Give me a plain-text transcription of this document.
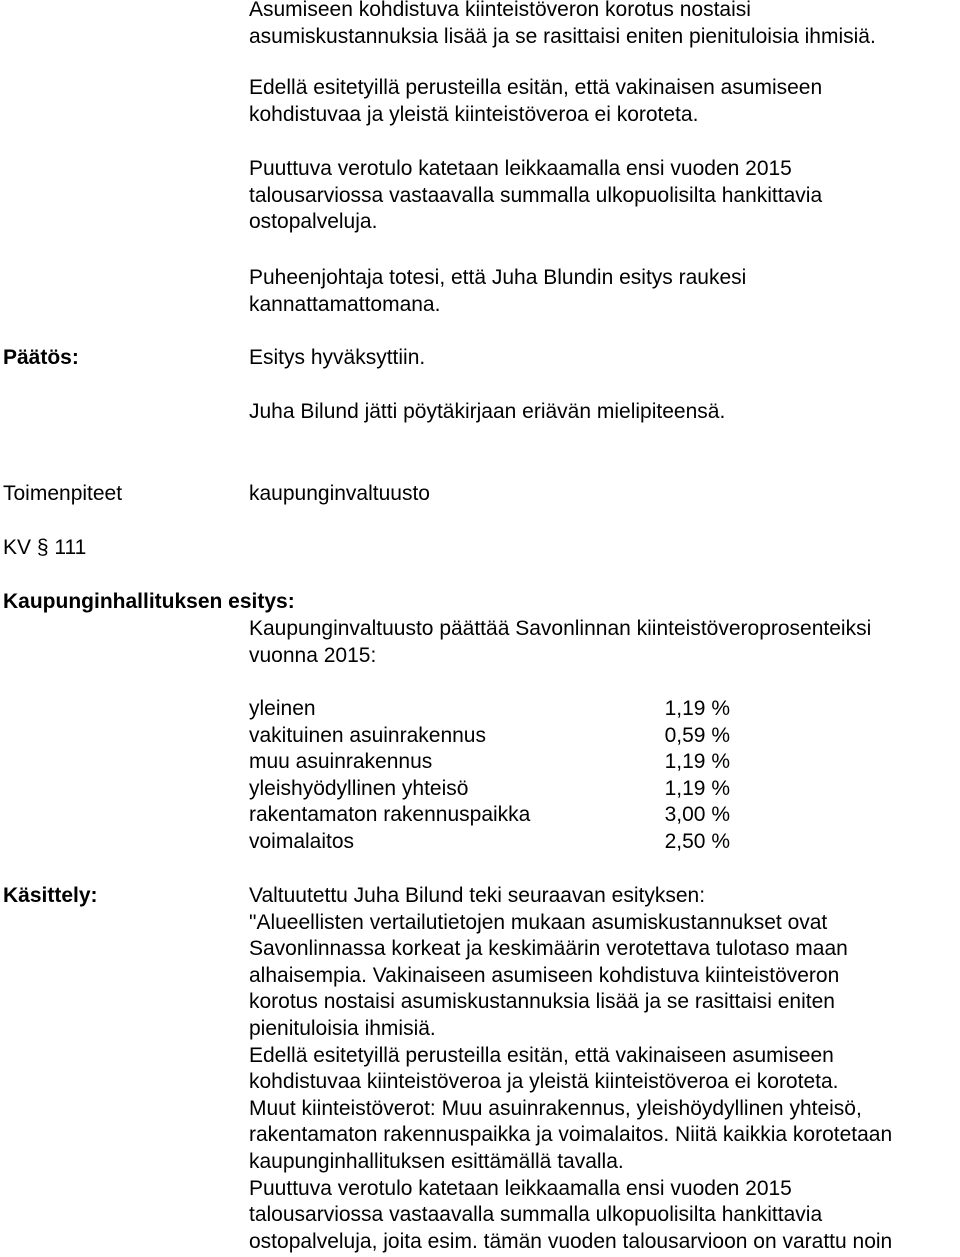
Asumiseen kohdistuva kiinteistöveron korotus nostaisi
asumiskustannuksia lisää ja se rasittaisi eniten pienituloisia ihmisiä.
Edellä esitetyillä perusteilla esitän, että vakinaisen asumiseen
kohdistuvaa ja yleistä kiinteistöveroa ei koroteta.
Puuttuva verotulo katetaan leikkaamalla ensi vuoden 2015
talousarviossa vastaavalla summalla ulkopuolisilta hankittavia
ostopalveluja.
Puheenjohtaja totesi, että Juha Blundin esitys raukesi
kannattamattomana.
Päätös:	Esitys hyväksyttiin.
Juha Bilund jätti pöytäkirjaan eriävän mielipiteensä.
Toimenpiteet	kaupunginvaltuusto
KV § 111
Kaupunginhallituksen esitys:
Kaupunginvaltuusto päättää Savonlinnan kiinteistöveroprosenteiksi
vuonna 2015:
yleinen	1,19 %
vakituinen asuinrakennus	0,59 %
muu asuinrakennus	1,19 %
yleishyödyllinen yhteisö	1,19 %
rakentamaton rakennuspaikka	3,00 %
voimalaitos	2,50 %
Käsittely:	Valtuutettu Juha Bilund teki seuraavan esityksen:
"Alueellisten vertailutietojen mukaan asumiskustannukset ovat
Savonlinnassa korkeat ja keskimäärin verotettava tulotaso maan
alhaisempia. Vakinaiseen asumiseen kohdistuva kiinteistöveron
korotus nostaisi asumiskustannuksia lisää ja se rasittaisi eniten
pienituloisia ihmisiä.
Edellä esitetyillä perusteilla esitän, että vakinaiseen asumiseen
kohdistuvaa kiinteistöveroa ja yleistä kiinteistöveroa ei koroteta.
Muut kiinteistöverot: Muu asuinrakennus, yleishöydyllinen yhteisö,
rakentamaton rakennuspaikka ja voimalaitos. Niitä kaikkia korotetaan
kaupunginhallituksen esittämällä tavalla.
Puuttuva verotulo katetaan leikkaamalla ensi vuoden 2015
talousarviossa vastaavalla summalla ulkopuolisilta hankittavia
ostopalveluja, joita esim. tämän vuoden talousarvioon on varattu noin
